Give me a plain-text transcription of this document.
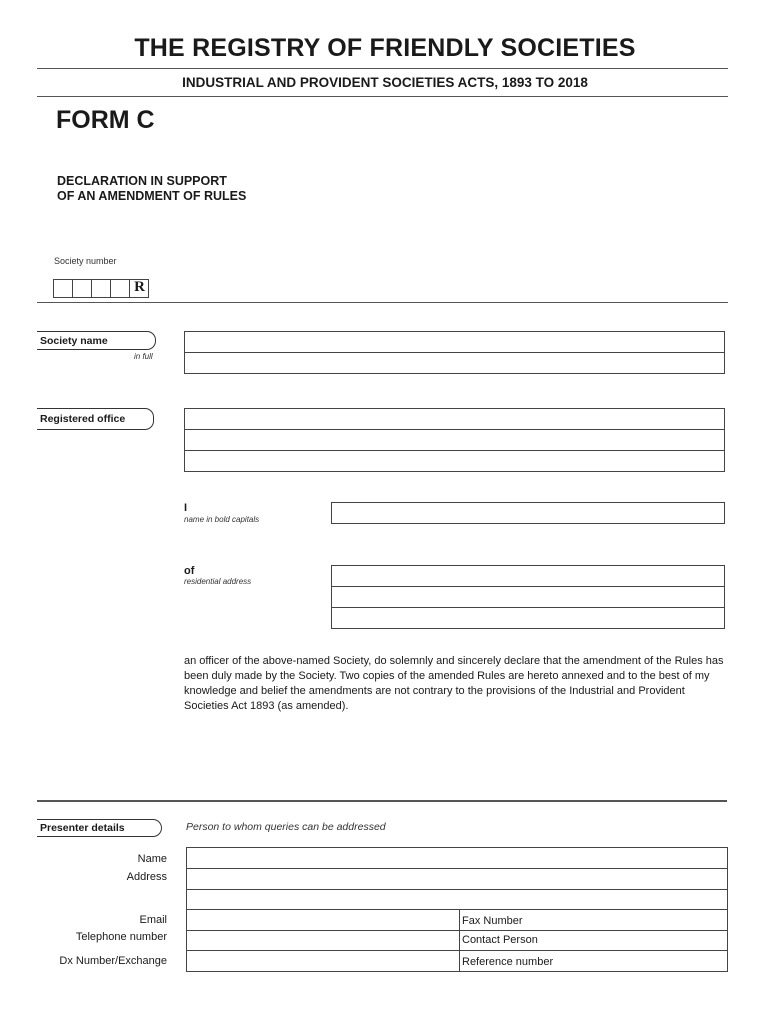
THE REGISTRY OF FRIENDLY SOCIETIES
INDUSTRIAL AND PROVIDENT SOCIETIES ACTS, 1893 TO 2018
FORM C
DECLARATION IN SUPPORT
OF AN AMENDMENT OF RULES
Society number
R
Society name
in full
Registered office
I
name in bold capitals
of
residential address
an officer of the above-named Society, do solemnly and sincerely declare that the amendment of the Rules has been duly made by the Society. Two copies of the amended Rules are hereto annexed and to the best of my knowledge and belief the amendments are not contrary to the provisions of the Industrial and Provident Societies Act 1893 (as amended).
Presenter details	Person to whom queries can be addressed
Name
Address
Email
Telephone number
Dx Number/Exchange
Fax Number
Contact Person
Reference number
